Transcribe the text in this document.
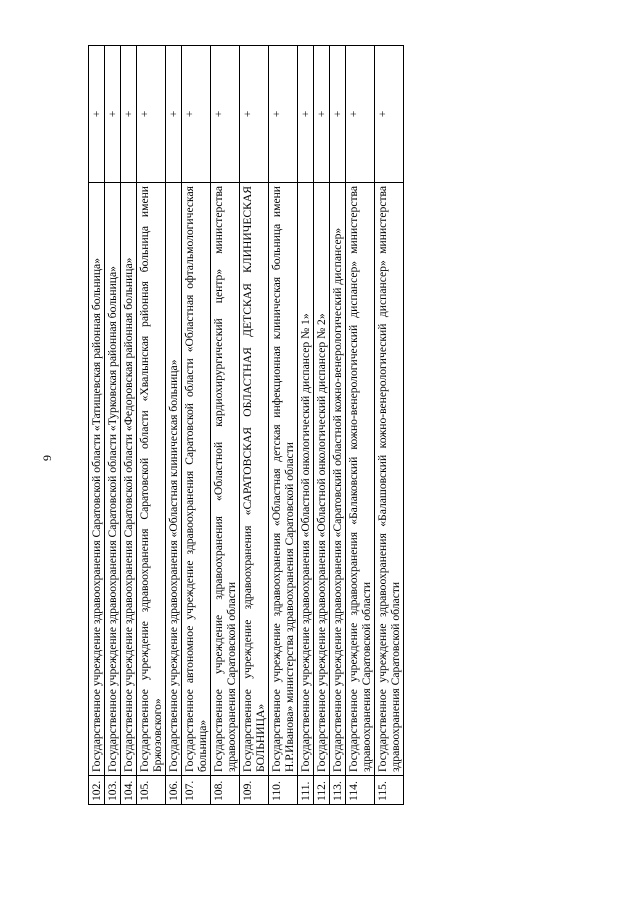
9
102.	Государственное учреждение здравоохранения Саратовской области «Татищевская районная больница»	+
103.	Государственное учреждение здравоохранения Саратовской области «Турковская районная больница»	+
104.	Государственное учреждение здравоохранения Саратовской области «Федоровская районная больница»	+
105.	Государственное учреждение здравоохранения Саратовской области «Хвалынская районная больница имени Бржозовского»	+
106.	Государственное учреждение здравоохранения «Областная клиническая больница»	+
107.	Государственное автономное учреждение здравоохранения Саратовской области «Областная офтальмологическая больница»	+
108.	Государственное учреждение здравоохранения «Областной кардиохирургический центр» министерства здравоохранения Саратовской области	+
109.	Государственное учреждение здравоохранения «САРАТОВСКАЯ ОБЛАСТНАЯ ДЕТСКАЯ КЛИНИЧЕСКАЯ БОЛЬНИЦА»	+
110.	Государственное учреждение здравоохранения «Областная детская инфекционная клиническая больница имени Н.Р.Иванова» министерства здравоохранения Саратовской области	+
111.	Государственное учреждение здравоохранения «Областной онкологический диспансер № 1»	+
112.	Государственное учреждение здравоохранения «Областной онкологический диспансер № 2»	+
113.	Государственное учреждение здравоохранения «Саратовский областной кожно-венерологический диспансер»	+
114.	Государственное учреждение здравоохранения «Балаковский кожно-венерологический диспансер» министерства здравоохранения Саратовской области	+
115.	Государственное учреждение здравоохранения «Балашовский кожно-венерологический диспансер» министерства здравоохранения Саратовской области	+
